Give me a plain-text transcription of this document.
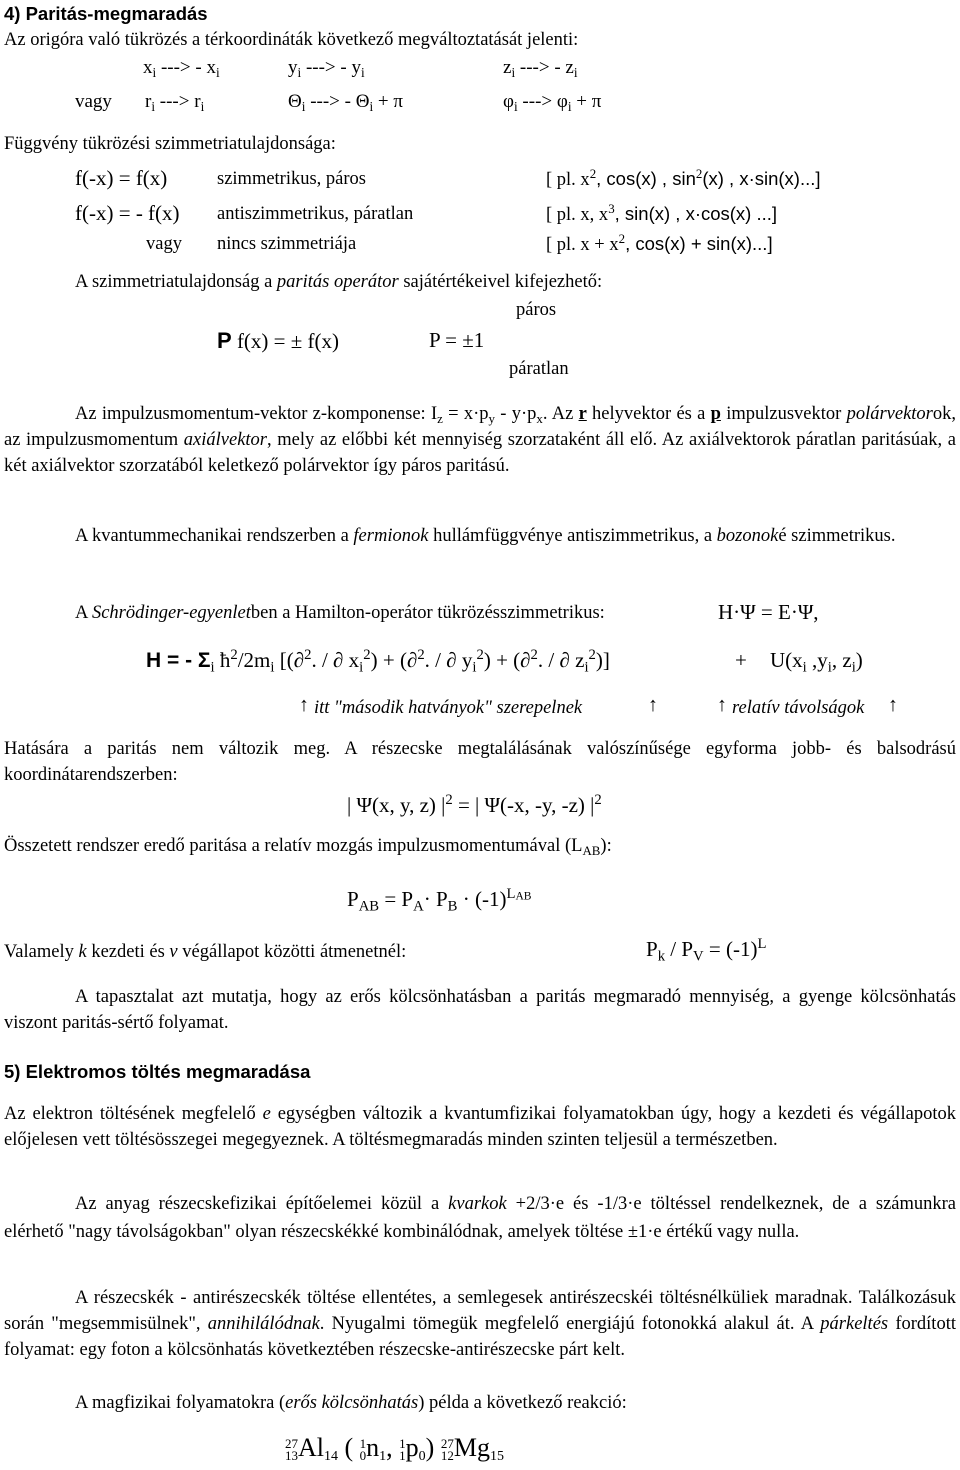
4) Paritás-megmaradás
Az origóra való tükrözés a térkoordináták következő megváltoztatását jelenti:
$x_i$ ---> - $x_i$	$y_i$ ---> - $y_i$	$z_i$ ---> - $z_i$
vagy $r_i$ ---> $r_i$	$\Theta_i$ ---> - $\Theta_i + \pi$	$\varphi_i$ ---> $\varphi_i + \pi$
Függvény tükrözési szimmetriatulajdonsága:
f(-x) = f(x)	szimmetrikus, páros	[ pl. $x^2$, cos(x) , $\sin^2(x)$ , x·sin(x)...]
f(-x) = - f(x) antiszimmetrikus, páratlan	[ pl. x, $x^3$, sin(x) , x·cos(x) ...]
vagy nincs szimmetriája	[ pl. $x + x^2$, cos(x) + sin(x)...]
A szimmetriatulajdonság a paritás operátor sajátértékeivel kifejezhető:
páros
P f(x) = ± f(x)	P = ±1
páratlan
Az impulzusmomentum-vektor z-komponense: $I_z = x\cdot p_y - y\cdot p_x$. Az r helyvektor és a p impulzusvektor polárvektorok, az impulzusmomentum axiálvektor, mely az előbbi két mennyiség szorzataként áll elő. Az axiálvektorok páratlan paritásúak, a két axiálvektor szorzatából keletkező polárvektor így páros paritású.
A kvantummechanikai rendszerben a fermionok hullámfüggvénye antiszimmetrikus, a bozonoké szimmetrikus.
A Schrödinger-egyenletben a Hamilton-operátor tükrözésszimmetrikus:	H·Ψ = E·Ψ,
H = - $\Sigma_i$ $ħ^2/2m_i$ [(∂$^2$. / ∂ $x_i^2) + (\partial^2$. / ∂ $y_i^2) + (\partial^2$. / ∂ $z_i^2$)]	+ $U(x_i$ $,y_i$, $z_i$)
↑ itt "második hatványok" szerepelnek	↑	↑ relatív távolságok ↑
Hatására a paritás nem változik meg. A részecske megtalálásának valószínűsége egyforma jobb- és balsodrású koordinátarendszerben:
| Ψ(x, y, z) $|^2$ = | Ψ(-x, -y, -z) $|^2$
Összetett rendszer eredő paritása a relatív mozgás impulzusmomentumával $(L_{AB})$:
$P_{AB} = P_A\cdot P_B \cdot (-1)^{LAB}$
Valamely k kezdeti és v végállapot közötti átmenetnél:	$P_k / P_V = (-1)^L$
A tapasztalat azt mutatja, hogy az erős kölcsönhatásban a paritás megmaradó mennyiség, a gyenge kölcsönhatás viszont paritás-sértő folyamat.
5) Elektromos töltés megmaradása
Az elektron töltésének megfelelő e egységben változik a kvantumfizikai folyamatokban úgy, hogy a kezdeti és végállapotok előjelesen vett töltésösszegei megegyeznek. A töltésmegmaradás minden szinten teljesül a természetben.
Az anyag részecskefizikai építőelemei közül a kvarkok +2/3·e és -1/3·e töltéssel rendelkeznek, de a számunkra elérhető "nagy távolságokban" olyan részecskékké kombinálódnak, amelyek töltése ±1·e értékű vagy nulla.
A részecskék - antirészecskék töltése ellentétes, a semlegesek antirészecskéi töltésnélküliek maradnak. Találkozásuk során "megsemmisülnek", annihilálódnak. Nyugalmi tömegük megfelelő energiájú fotonokká alakul át. A párkeltés fordított folyamat: egy foton a kölcsönhatás következtében részecske-antirészecske párt kelt.
A magfizikai folyamatokra (erős kölcsönhatás) példa a következő reakció:
27
13 $Al_{14}$ ( 1
0 $n_1$, 1
1 $p_0$) 27
12 $Mg_{15}$
